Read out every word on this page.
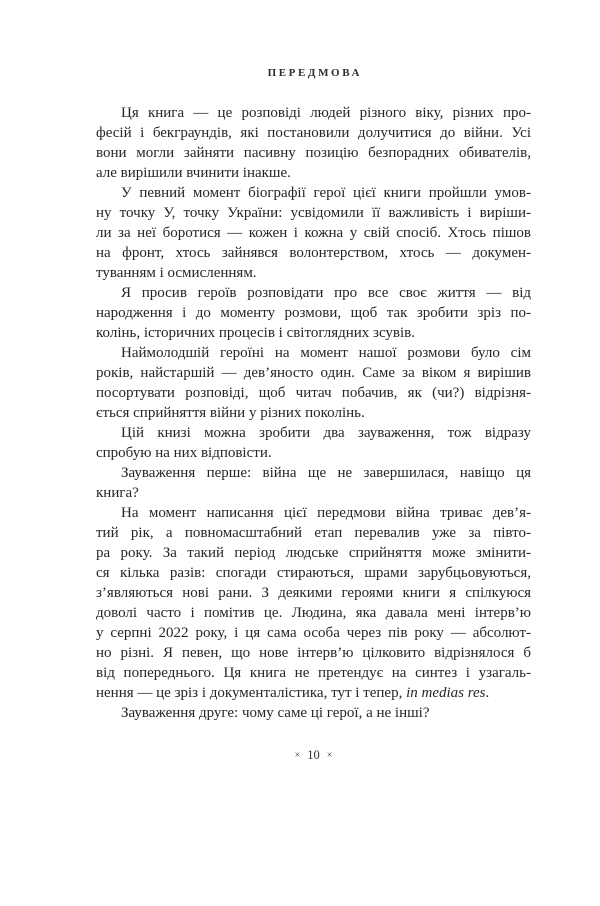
ПЕРЕДМОВА
Ця книга — це розповіді людей різного віку, різних про-
фесій і бекграундів, які постановили долучитися до війни. Усі
вони могли зайняти пасивну позицію безпорадних обивателів,
але вирішили вчинити інакше.
У певний момент біографії герої цієї книги пройшли умов-
ну точку У, точку України: усвідомили її важливість і виріши-
ли за неї боротися — кожен і кожна у свій спосіб. Хтось пішов
на фронт, хтось зайнявся волонтерством, хтось — докумен-
туванням і осмисленням.
Я просив героїв розповідати про все своє життя — від
народження і до моменту розмови, щоб так зробити зріз по-
колінь, історичних процесів і світоглядних зсувів.
Наймолодшій героїні на момент нашої розмови було сім
років, найстаршій — дев’яносто один. Саме за віком я вирішив
посортувати розповіді, щоб читач побачив, як (чи?) відрізня-
ється сприйняття війни у різних поколінь.
Цій книзі можна зробити два зауваження, тож відразу
спробую на них відповісти.
Зауваження перше: війна ще не завершилася, навіщо ця
книга?
На момент написання цієї передмови війна триває дев’я-
тий рік, а повномасштабний етап перевалив уже за півто-
ра року. За такий період людське сприйняття може змінити-
ся кілька разів: спогади стираються, шрами зарубцьовуються,
з’являються нові рани. З деякими героями книги я спілкуюся
доволі часто і помітив це. Людина, яка давала мені інтерв’ю
у серпні 2022 року, і ця сама особа через пів року — абсолют-
но різні. Я певен, що нове інтерв’ю цілковито відрізнялося б
від попереднього. Ця книга не претендує на синтез і узагаль-
нення — це зріз і документалістика, тут і тепер, in medias res.
Зауваження друге: чому саме ці герої, а не інші?
× 10 ×
